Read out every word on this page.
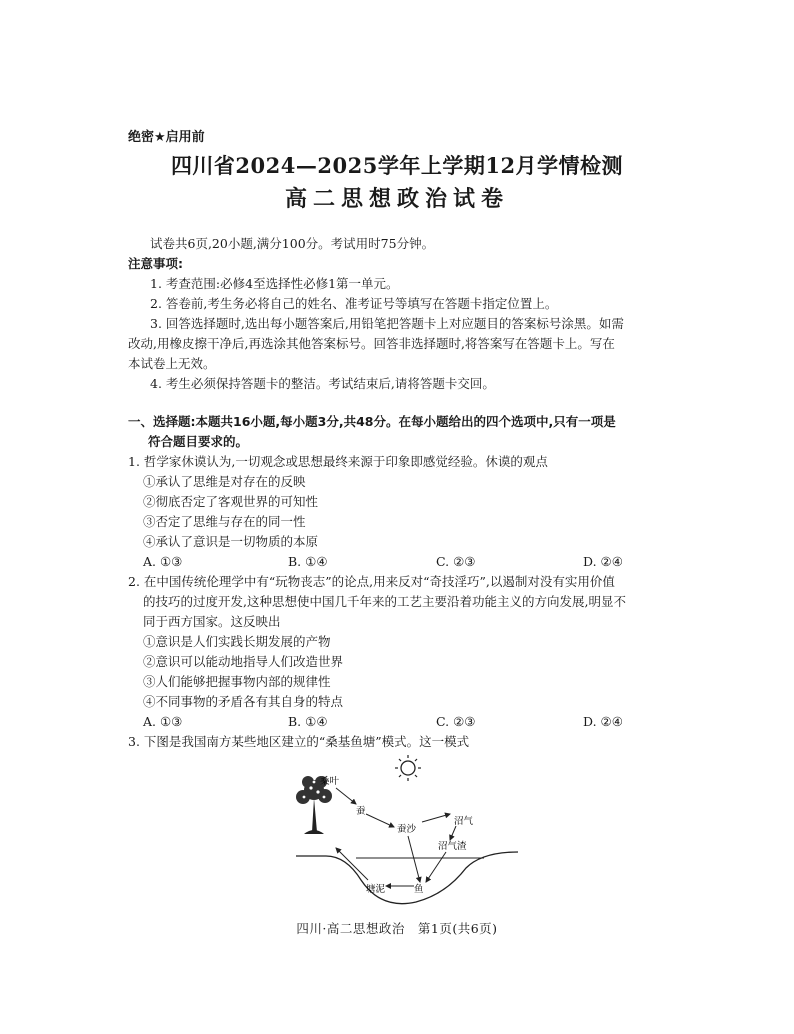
绝密★启用前
四川省2024—2025学年上学期12月学情检测
高二思想政治试卷
试卷共6页,20小题,满分100分。考试用时75分钟。
注意事项:
1. 考查范围:必修4至选择性必修1第一单元。
2. 答卷前,考生务必将自己的姓名、准考证号等填写在答题卡指定位置上。
3. 回答选择题时,选出每小题答案后,用铅笔把答题卡上对应题目的答案标号涂黑。如需
改动,用橡皮擦干净后,再选涂其他答案标号。回答非选择题时,将答案写在答题卡上。写在
本试卷上无效。
4. 考生必须保持答题卡的整洁。考试结束后,请将答题卡交回。
一、选择题:本题共16小题,每小题3分,共48分。在每小题给出的四个选项中,只有一项是
符合题目要求的。
1. 哲学家休谟认为,一切观念或思想最终来源于印象即感觉经验。休谟的观点
①承认了思维是对存在的反映
②彻底否定了客观世界的可知性
③否定了思维与存在的同一性
④承认了意识是一切物质的本原
A. ①③	B. ①④	C. ②③	D. ②④
2. 在中国传统伦理学中有“玩物丧志”的论点,用来反对“奇技淫巧”,以遏制对没有实用价值
的技巧的过度开发,这种思想使中国几千年来的工艺主要沿着功能主义的方向发展,明显不
同于西方国家。这反映出
①意识是人们实践长期发展的产物
②意识可以能动地指导人们改造世界
③人们能够把握事物内部的规律性
④不同事物的矛盾各有其自身的特点
A. ①③	B. ①④	C. ②③	D. ②④
3. 下图是我国南方某些地区建立的“桑基鱼塘”模式。这一模式
桑叶
蚕
蚕沙
沼气
沼气渣
塘泥	鱼
四川·高二思想政治　第1页(共6页)
